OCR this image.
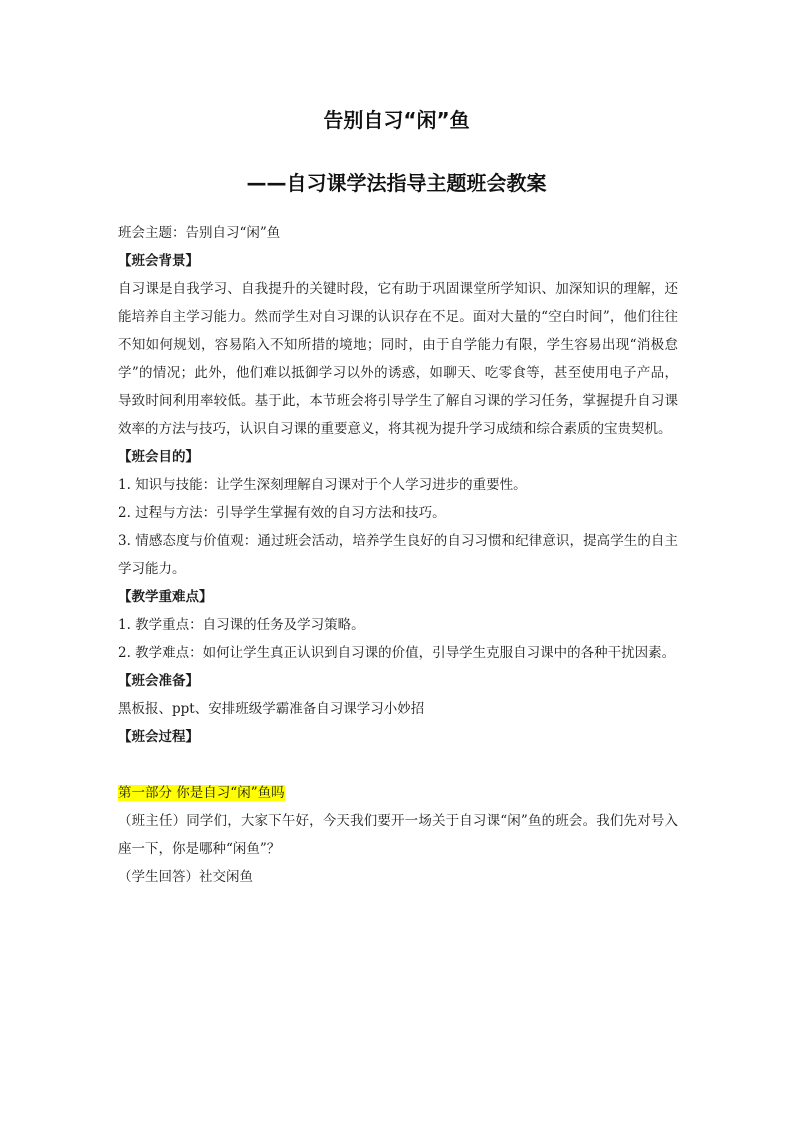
告别自习“闲”鱼
——自习课学法指导主题班会教案

班会主题：告别自习“闲”鱼

【班会背景】

自习课是自我学习、自我提升的关键时段，它有助于巩固课堂所学知识、加深知识的理解，还能培养自主学习能力。然而学生对自习课的认识存在不足。面对大量的“空白时间”，他们往往不知如何规划，容易陷入不知所措的境地；同时，由于自学能力有限，学生容易出现“消极怠学”的情况；此外，他们难以抵御学习以外的诱惑，如聊天、吃零食等，甚至使用电子产品，导致时间利用率较低。基于此，本节班会将引导学生了解自习课的学习任务，掌握提升自习课效率的方法与技巧，认识自习课的重要意义，将其视为提升学习成绩和综合素质的宝贵契机。

【班会目的】

1. 知识与技能：让学生深刻理解自习课对于个人学习进步的重要性。

2. 过程与方法：引导学生掌握有效的自习方法和技巧。

3. 情感态度与价值观：通过班会活动，培养学生良好的自习习惯和纪律意识，提高学生的自主学习能力。

【教学重难点】

1. 教学重点：自习课的任务及学习策略。

2. 教学难点：如何让学生真正认识到自习课的价值，引导学生克服自习课中的各种干扰因素。

【班会准备】

黑板报、ppt、安排班级学霸准备自习课学习小妙招

【班会过程】

第一部分 你是自习“闲”鱼吗

（班主任）同学们，大家下午好，今天我们要开一场关于自习课“闲”鱼的班会。我们先对号入座一下，你是哪种“闲鱼”？

（学生回答）社交闲鱼
